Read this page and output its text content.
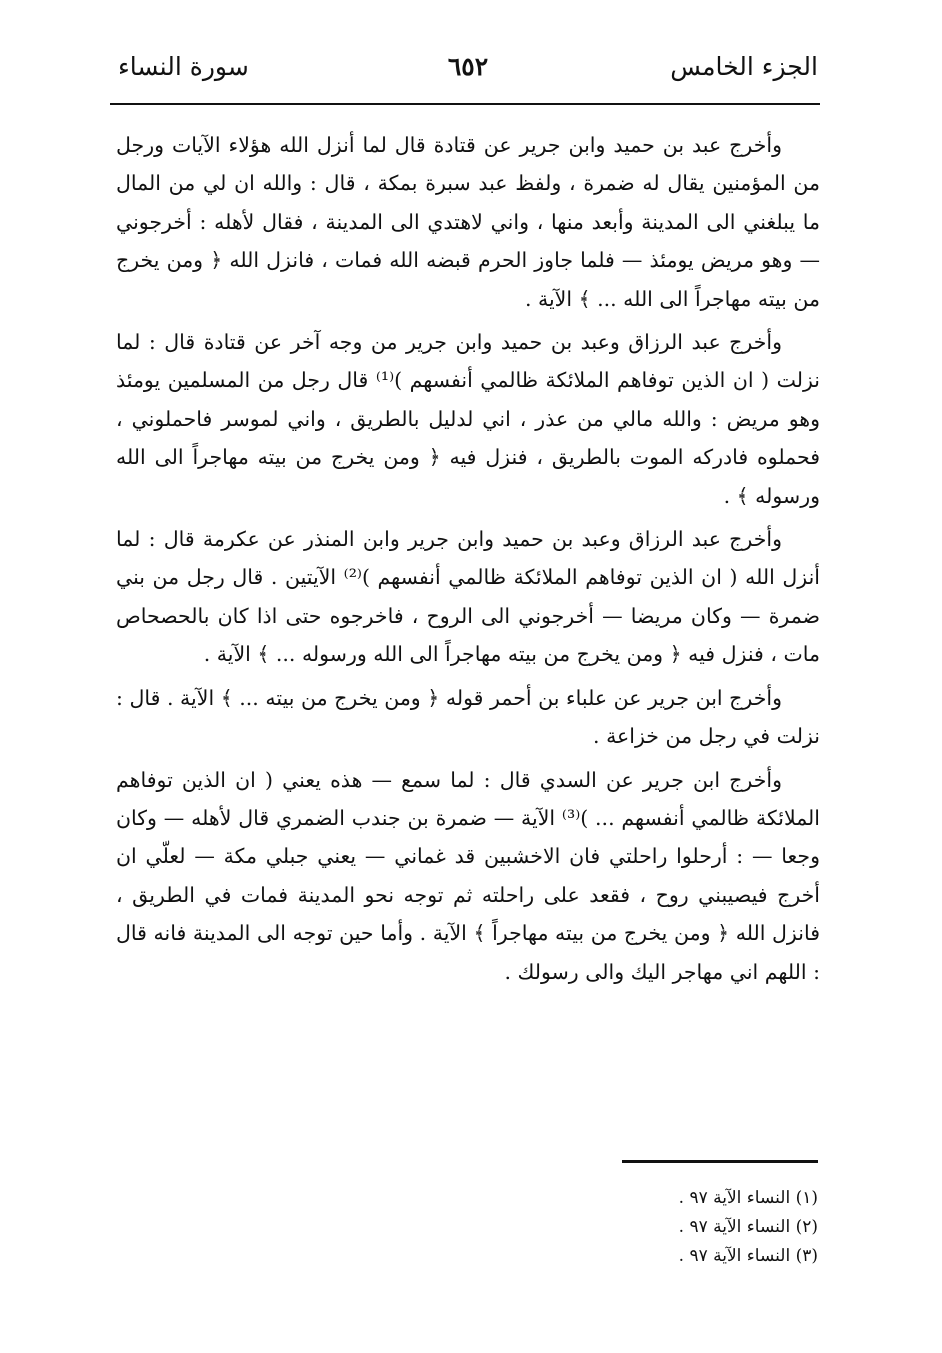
الجزء الخامس
٦٥٢
سورة النساء

وأخرج عبد بن حميد وابن جرير عن قتادة قال لما أنزل الله هؤلاء الآيات ورجل من المؤمنين يقال له ضمرة ، ولفظ عبد سبرة بمكة ، قال : والله ان لي من المال ما يبلغني الى المدينة وأبعد منها ، واني لاهتدي الى المدينة ، فقال لأهله : أخرجوني — وهو مريض يومئذ — فلما جاوز الحرم قبضه الله فمات ، فانزل الله ﴿ ومن يخرج من بيته مهاجراً الى الله ... ﴾ الآية .

وأخرج عبد الرزاق وعبد بن حميد وابن جرير من وجه آخر عن قتادة قال : لما نزلت ( ان الذين توفاهم الملائكة ظالمي أنفسهم )⁽¹⁾ قال رجل من المسلمين يومئذ وهو مريض : والله مالي من عذر ، اني لدليل بالطريق ، واني لموسر فاحملوني ، فحملوه فادركه الموت بالطريق ، فنزل فيه ﴿ ومن يخرج من بيته مهاجراً الى الله ورسوله ﴾ .

وأخرج عبد الرزاق وعبد بن حميد وابن جرير وابن المنذر عن عكرمة قال : لما أنزل الله ( ان الذين توفاهم الملائكة ظالمي أنفسهم )⁽²⁾ الآيتين . قال رجل من بني ضمرة — وكان مريضا — أخرجوني الى الروح ، فاخرجوه حتى اذا كان بالحصحاص مات ، فنزل فيه ﴿ ومن يخرج من بيته مهاجراً الى الله ورسوله ... ﴾ الآية .

وأخرج ابن جرير عن علباء بن أحمر قوله ﴿ ومن يخرج من بيته ... ﴾ الآية . قال : نزلت في رجل من خزاعة .

وأخرج ابن جرير عن السدي قال : لما سمع — هذه يعني ( ان الذين توفاهم الملائكة ظالمي أنفسهم ... )⁽³⁾ الآية — ضمرة بن جندب الضمري قال لأهله — وكان وجعا — : أرحلوا راحلتي فان الاخشبين قد غماني — يعني جبلي مكة — لعلّي ان أخرج فيصيبني روح ، فقعد على راحلته ثم توجه نحو المدينة فمات في الطريق ، فانزل الله ﴿ ومن يخرج من بيته مهاجراً ﴾ الآية . وأما حين توجه الى المدينة فانه قال : اللهم اني مهاجر اليك والى رسولك .

(١) النساء الآية ٩٧ .
(٢) النساء الآية ٩٧ .
(٣) النساء الآية ٩٧ .
